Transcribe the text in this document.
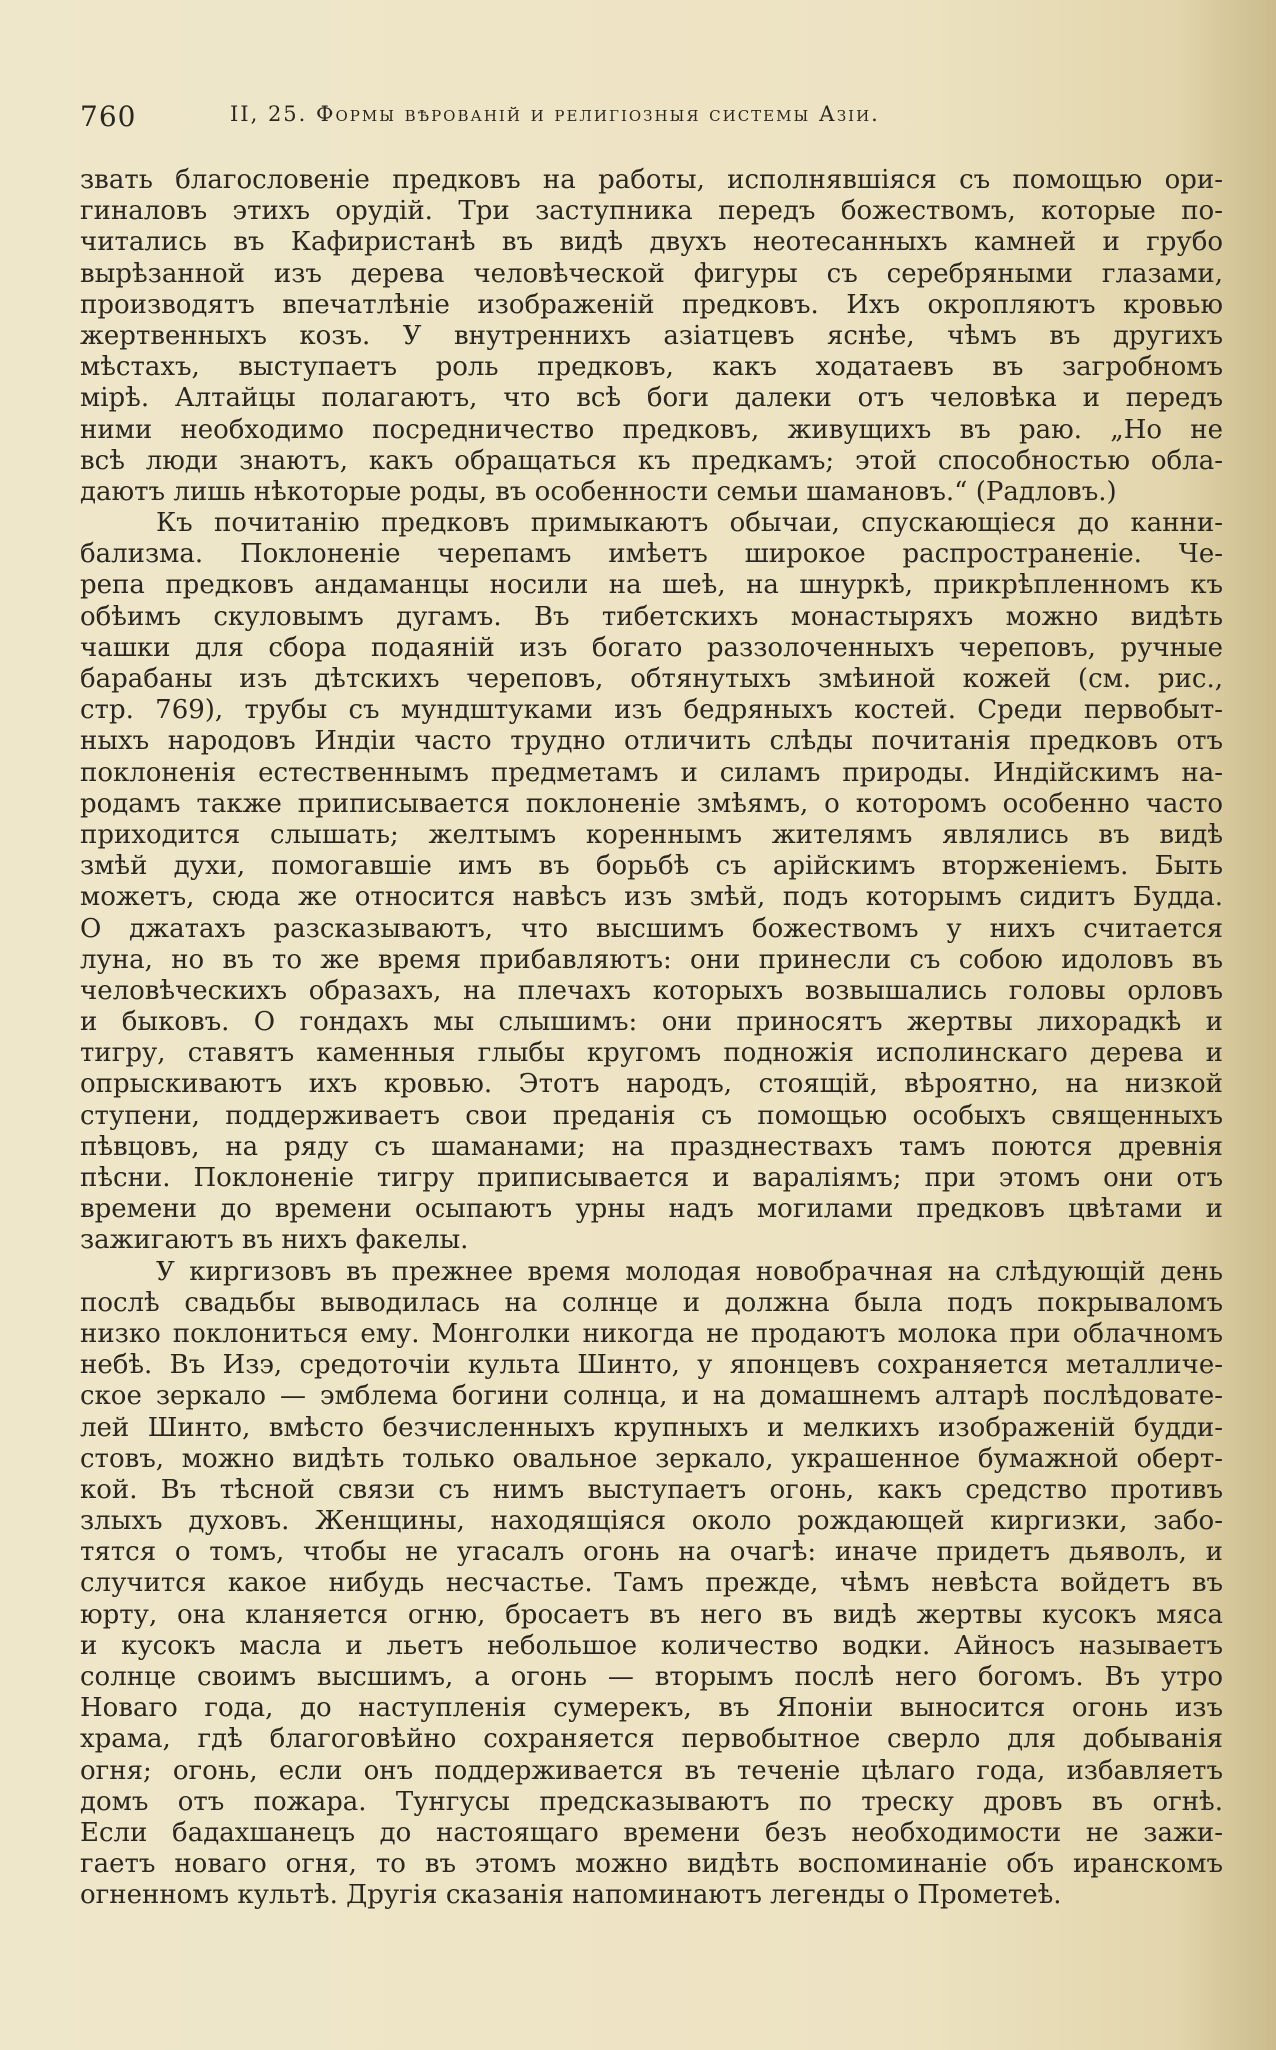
760	II, 25. Формы вѣрованій и религіозныя системы Азіи.
звать благословеніе предковъ на работы, исполнявшіяся съ помощью ори-
гиналовъ этихъ орудій. Три заступника передъ божествомъ, которые по-
читались въ Кафиристанѣ въ видѣ двухъ неотесанныхъ камней и грубо
вырѣзанной изъ дерева человѣческой фигуры съ серебряными глазами,
производятъ впечатлѣніе изображеній предковъ. Ихъ окропляютъ кровью
жертвенныхъ козъ. У внутреннихъ азіатцевъ яснѣе, чѣмъ въ другихъ
мѣстахъ, выступаетъ роль предковъ, какъ ходатаевъ въ загробномъ
мірѣ. Алтайцы полагаютъ, что всѣ боги далеки отъ человѣка и передъ
ними необходимо посредничество предковъ, живущихъ въ раю. „Но не
всѣ люди знаютъ, какъ обращаться къ предкамъ; этой способностью обла-
даютъ лишь нѣкоторые роды, въ особенности семьи шамановъ.“ (Радловъ.)
Къ почитанію предковъ примыкаютъ обычаи, спускающіеся до канни-
бализма. Поклоненіе черепамъ имѣетъ широкое распространеніе. Че-
репа предковъ андаманцы носили на шеѣ, на шнуркѣ, прикрѣпленномъ къ
обѣимъ скуловымъ дугамъ. Въ тибетскихъ монастыряхъ можно видѣть
чашки для сбора подаяній изъ богато раззолоченныхъ череповъ, ручные
барабаны изъ дѣтскихъ череповъ, обтянутыхъ змѣиной кожей (см. рис.,
стр. 769), трубы съ мундштуками изъ бедряныхъ костей. Среди первобыт-
ныхъ народовъ Индіи часто трудно отличить слѣды почитанія предковъ отъ
поклоненія естественнымъ предметамъ и силамъ природы. Индійскимъ на-
родамъ также приписывается поклоненіе змѣямъ, о которомъ особенно часто
приходится слышать; желтымъ кореннымъ жителямъ являлись въ видѣ
змѣй духи, помогавшіе имъ въ борьбѣ съ арійскимъ вторженіемъ. Быть
можетъ, сюда же относится навѣсъ изъ змѣй, подъ которымъ сидитъ Будда.
О джатахъ разсказываютъ, что высшимъ божествомъ у нихъ считается
луна, но въ то же время прибавляютъ: они принесли съ собою идоловъ въ
человѣческихъ образахъ, на плечахъ которыхъ возвышались головы орловъ
и быковъ. О гондахъ мы слышимъ: они приносятъ жертвы лихорадкѣ и
тигру, ставятъ каменныя глыбы кругомъ подножія исполинскаго дерева и
опрыскиваютъ ихъ кровью. Этотъ народъ, стоящій, вѣроятно, на низкой
ступени, поддерживаетъ свои преданія съ помощью особыхъ священныхъ
пѣвцовъ, на ряду съ шаманами; на празднествахъ тамъ поются древнія
пѣсни. Поклоненіе тигру приписывается и вараліямъ; при этомъ они отъ
времени до времени осыпаютъ урны надъ могилами предковъ цвѣтами и
зажигаютъ въ нихъ факелы.
У киргизовъ въ прежнее время молодая новобрачная на слѣдующій день
послѣ свадьбы выводилась на солнце и должна была подъ покрываломъ
низко поклониться ему. Монголки никогда не продаютъ молока при облачномъ
небѣ. Въ Изэ, средоточіи культа Шинто, у японцевъ сохраняется металличе-
ское зеркало — эмблема богини солнца, и на домашнемъ алтарѣ послѣдовате-
лей Шинто, вмѣсто безчисленныхъ крупныхъ и мелкихъ изображеній будди-
стовъ, можно видѣть только овальное зеркало, украшенное бумажной оберт-
кой. Въ тѣсной связи съ нимъ выступаетъ огонь, какъ средство противъ
злыхъ духовъ. Женщины, находящіяся около рождающей киргизки, забо-
тятся о томъ, чтобы не угасалъ огонь на очагѣ: иначе придетъ дьяволъ, и
случится какое нибудь несчастье. Тамъ прежде, чѣмъ невѣста войдетъ въ
юрту, она кланяется огню, бросаетъ въ него въ видѣ жертвы кусокъ мяса
и кусокъ масла и льетъ небольшое количество водки. Айносъ называетъ
солнце своимъ высшимъ, а огонь — вторымъ послѣ него богомъ. Въ утро
Новаго года, до наступленія сумерекъ, въ Японіи выносится огонь изъ
храма, гдѣ благоговѣйно сохраняется первобытное сверло для добыванія
огня; огонь, если онъ поддерживается въ теченіе цѣлаго года, избавляетъ
домъ отъ пожара. Тунгусы предсказываютъ по треску дровъ въ огнѣ.
Если бадахшанецъ до настоящаго времени безъ необходимости не зажи-
гаетъ новаго огня, то въ этомъ можно видѣть воспоминаніе объ иранскомъ
огненномъ культѣ. Другія сказанія напоминаютъ легенды о Прометеѣ.
